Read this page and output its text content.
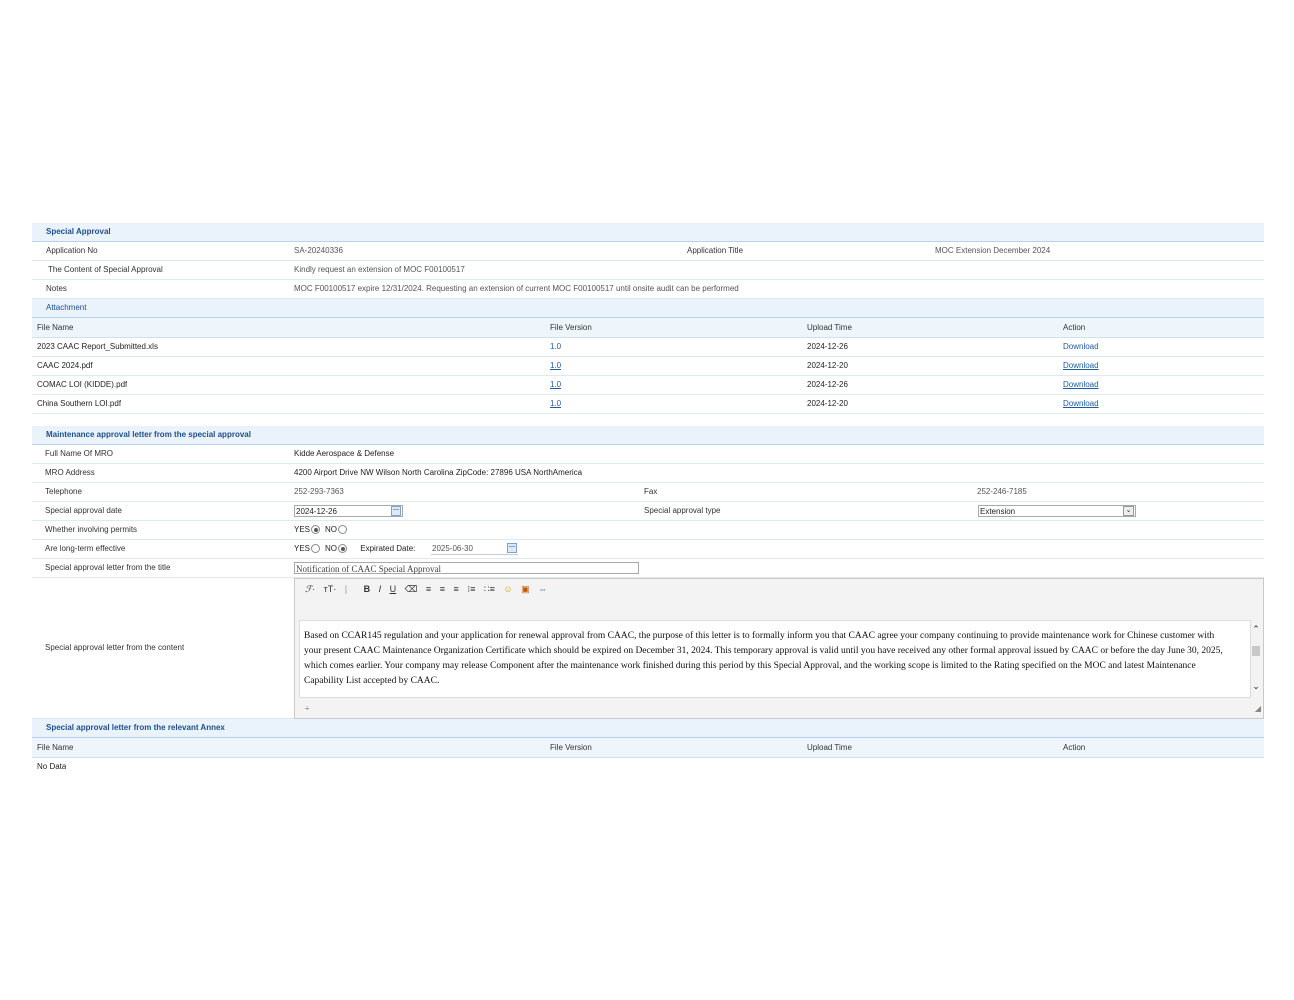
Special Approval
Application No	SA-20240336	Application Title	MOC Extension December 2024
The Content of Special Approval	Kindly request an extension of MOC F00100517
Notes	MOC F00100517 expire 12/31/2024. Requesting an extension of current MOC F00100517 until onsite audit can be performed
Attachment
File Name	File Version	Upload Time	Action
2023 CAAC Report_Submitted.xls	1.0	2024-12-26	Download
CAAC 2024.pdf	1.0	2024-12-20	Download
COMAC LOI (KIDDE).pdf	1.0	2024-12-26	Download
China Southern LOI.pdf	1.0	2024-12-20	Download
Maintenance approval letter from the special approval
Full Name Of MRO	Kidde Aerospace & Defense
MRO Address	4200 Airport Drive NW Wilson North Carolina ZipCode: 27896 USA NorthAmerica
Telephone	252-293-7363	Fax	252-246-7185
Special approval date	2024-12-26	Special approval type	Extension	⌄
Whether involving permits	YES NO
Are long-term effective	YES NO	Expirated Date: 2025-06-30
Special approval letter from the title	Notification of CAAC Special Approval
Special approval letter from the content
ℱ· тT· | B I U ⌫ ≡ ≡ ≡ ⁝≡ ∷≡ ☺ ▣ ⇔
Based on CCAR145 regulation and your application for renewal approval from CAAC, the purpose of this letter is to formally inform you that CAAC agree your company continuing to provide maintenance work for Chinese customer with your present CAAC Maintenance Organization Certificate which should be expired on December 31, 2024. This temporary approval is valid until you have received any other formal approval issued by CAAC or before the day June 30, 2025, which comes earlier. Your company may release Component after the maintenance work finished during this period by this Special Approval, and the working scope is limited to the Rating specified on the MOC and latest Maintenance Capability List accepted by CAAC.
⌃
⌄
÷	◢
Special approval letter from the relevant Annex
File Name	File Version	Upload Time	Action
No Data
